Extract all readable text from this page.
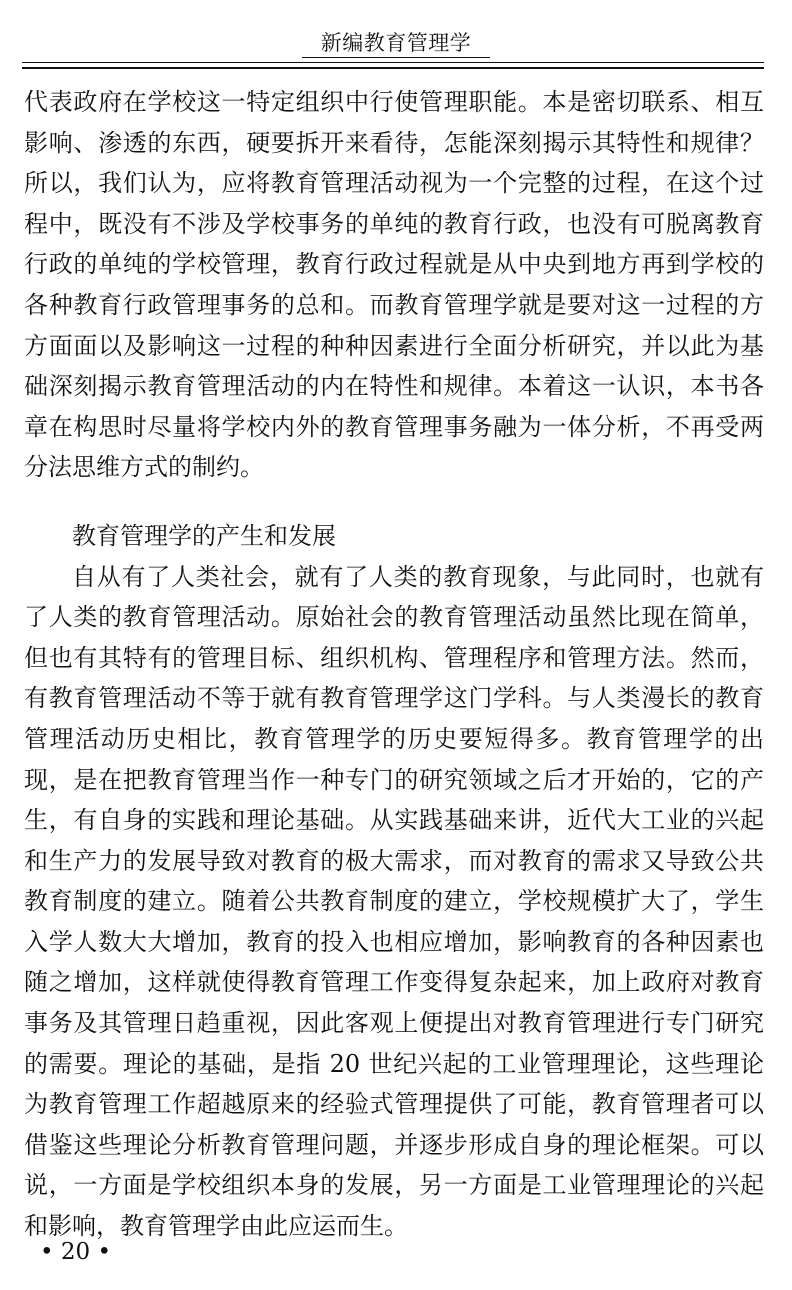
新编教育管理学

代表政府在学校这一特定组织中行使管理职能。本是密切联系、相互影响、渗透的东西，硬要拆开来看待，怎能深刻揭示其特性和规律？所以，我们认为，应将教育管理活动视为一个完整的过程，在这个过程中，既没有不涉及学校事务的单纯的教育行政，也没有可脱离教育行政的单纯的学校管理，教育行政过程就是从中央到地方再到学校的各种教育行政管理事务的总和。而教育管理学就是要对这一过程的方方面面以及影响这一过程的种种因素进行全面分析研究，并以此为基础深刻揭示教育管理活动的内在特性和规律。本着这一认识，本书各章在构思时尽量将学校内外的教育管理事务融为一体分析，不再受两分法思维方式的制约。

教育管理学的产生和发展

自从有了人类社会，就有了人类的教育现象，与此同时，也就有了人类的教育管理活动。原始社会的教育管理活动虽然比现在简单，但也有其特有的管理目标、组织机构、管理程序和管理方法。然而，有教育管理活动不等于就有教育管理学这门学科。与人类漫长的教育管理活动历史相比，教育管理学的历史要短得多。教育管理学的出现，是在把教育管理当作一种专门的研究领域之后才开始的，它的产生，有自身的实践和理论基础。从实践基础来讲，近代大工业的兴起和生产力的发展导致对教育的极大需求，而对教育的需求又导致公共教育制度的建立。随着公共教育制度的建立，学校规模扩大了，学生入学人数大大增加，教育的投入也相应增加，影响教育的各种因素也随之增加，这样就使得教育管理工作变得复杂起来，加上政府对教育事务及其管理日趋重视，因此客观上便提出对教育管理进行专门研究的需要。理论的基础，是指 20 世纪兴起的工业管理理论，这些理论为教育管理工作超越原来的经验式管理提供了可能，教育管理者可以借鉴这些理论分析教育管理问题，并逐步形成自身的理论框架。可以说，一方面是学校组织本身的发展，另一方面是工业管理理论的兴起和影响，教育管理学由此应运而生。

• 20 •
